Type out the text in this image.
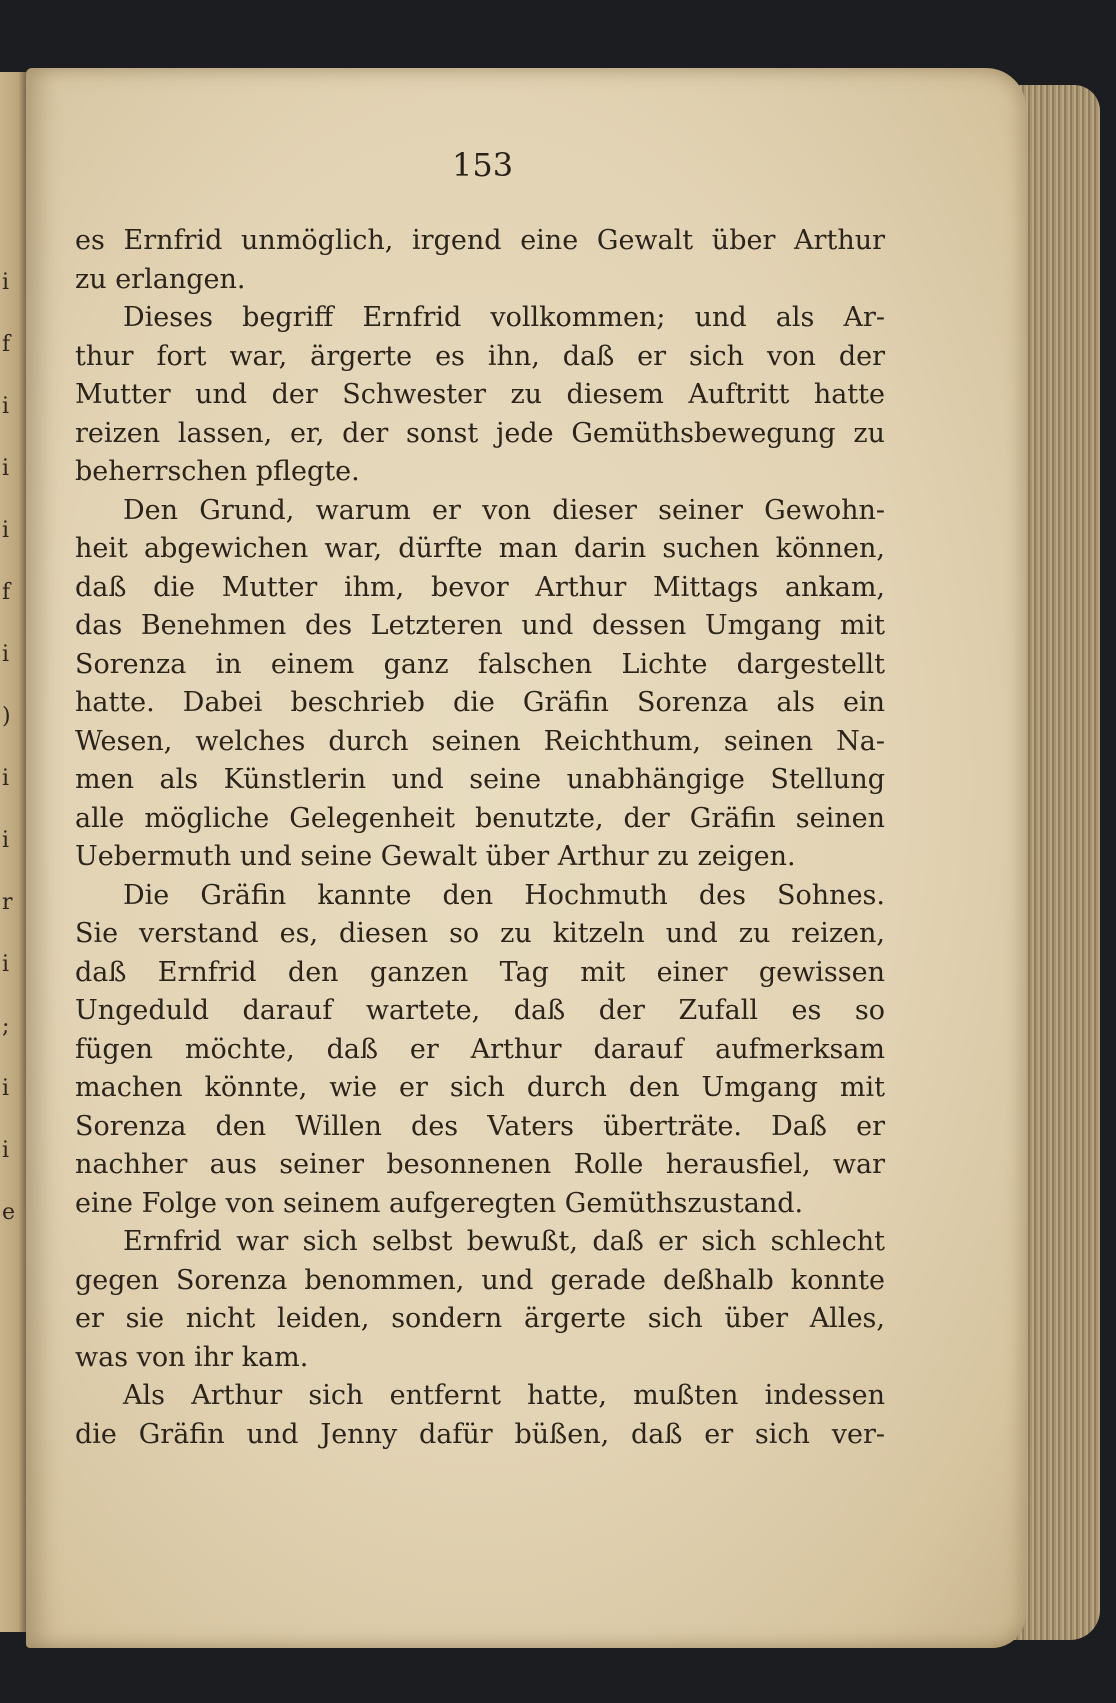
i
f
i
i
i
f
i
)
i
i
r
i
;
i
i
e
153
es Ernfrid unmöglich, irgend eine Gewalt über Arthur
zu erlangen.
Dieses begriff Ernfrid vollkommen; und als Ar-
thur fort war, ärgerte es ihn, daß er sich von der
Mutter und der Schwester zu diesem Auftritt hatte
reizen lassen, er, der sonst jede Gemüthsbewegung zu
beherrschen pflegte.
Den Grund, warum er von dieser seiner Gewohn-
heit abgewichen war, dürfte man darin suchen können,
daß die Mutter ihm, bevor Arthur Mittags ankam,
das Benehmen des Letzteren und dessen Umgang mit
Sorenza in einem ganz falschen Lichte dargestellt
hatte. Dabei beschrieb die Gräfin Sorenza als ein
Wesen, welches durch seinen Reichthum, seinen Na-
men als Künstlerin und seine unabhängige Stellung
alle mögliche Gelegenheit benutzte, der Gräfin seinen
Uebermuth und seine Gewalt über Arthur zu zeigen.
Die Gräfin kannte den Hochmuth des Sohnes.
Sie verstand es, diesen so zu kitzeln und zu reizen,
daß Ernfrid den ganzen Tag mit einer gewissen
Ungeduld darauf wartete, daß der Zufall es so
fügen möchte, daß er Arthur darauf aufmerksam
machen könnte, wie er sich durch den Umgang mit
Sorenza den Willen des Vaters überträte. Daß er
nachher aus seiner besonnenen Rolle herausfiel, war
eine Folge von seinem aufgeregten Gemüthszustand.
Ernfrid war sich selbst bewußt, daß er sich schlecht
gegen Sorenza benommen, und gerade deßhalb konnte
er sie nicht leiden, sondern ärgerte sich über Alles,
was von ihr kam.
Als Arthur sich entfernt hatte, mußten indessen
die Gräfin und Jenny dafür büßen, daß er sich ver-
